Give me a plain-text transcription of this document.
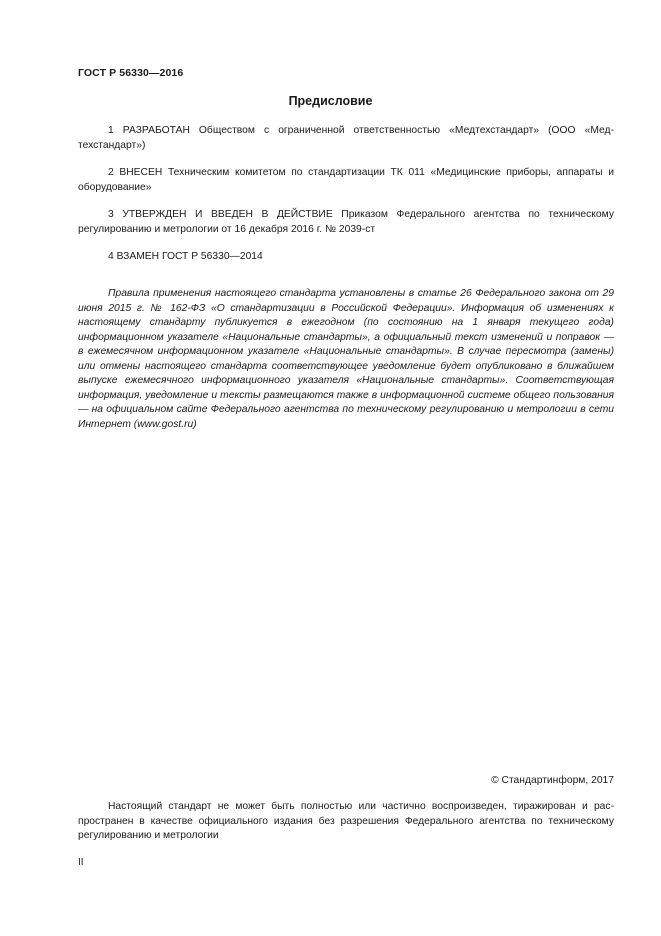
ГОСТ Р 56330—2016
Предисловие

1 РАЗРАБОТАН Обществом с ограниченной ответственностью «Медтехстандарт» (ООО «Медтехстандарт»)

2 ВНЕСЕН Техническим комитетом по стандартизации ТК 011 «Медицинские приборы, аппараты и оборудование»

3 УТВЕРЖДЕН И ВВЕДЕН В ДЕЙСТВИЕ Приказом Федерального агентства по техническому регулированию и метрологии от 16 декабря 2016 г. № 2039-ст

4 ВЗАМЕН ГОСТ Р 56330—2014

Правила применения настоящего стандарта установлены в статье 26 Федерального закона от 29 июня 2015 г. № 162-ФЗ «О стандартизации в Российской Федерации». Информация об изменениях к настоящему стандарту публикуется в ежегодном (по состоянию на 1 января текущего года) информационном указателе «Национальные стандарты», а официальный текст изменений и поправок — в ежемесячном информационном указателе «Национальные стандарты». В случае пересмотра (замены) или отмены настоящего стандарта соответствующее уведомление будет опубликовано в ближайшем выпуске ежемесячного информационного указателя «Национальные стандарты». Соответствующая информация, уведомление и тексты размещаются также в информационной системе общего пользования — на официальном сайте Федерального агентства по техническому регулированию и метрологии в сети Интернет (www.gost.ru)

© Стандартинформ, 2017

Настоящий стандарт не может быть полностью или частично воспроизведен, тиражирован и распространен в качестве официального издания без разрешения Федерального агентства по техническому регулированию и метрологии

II
